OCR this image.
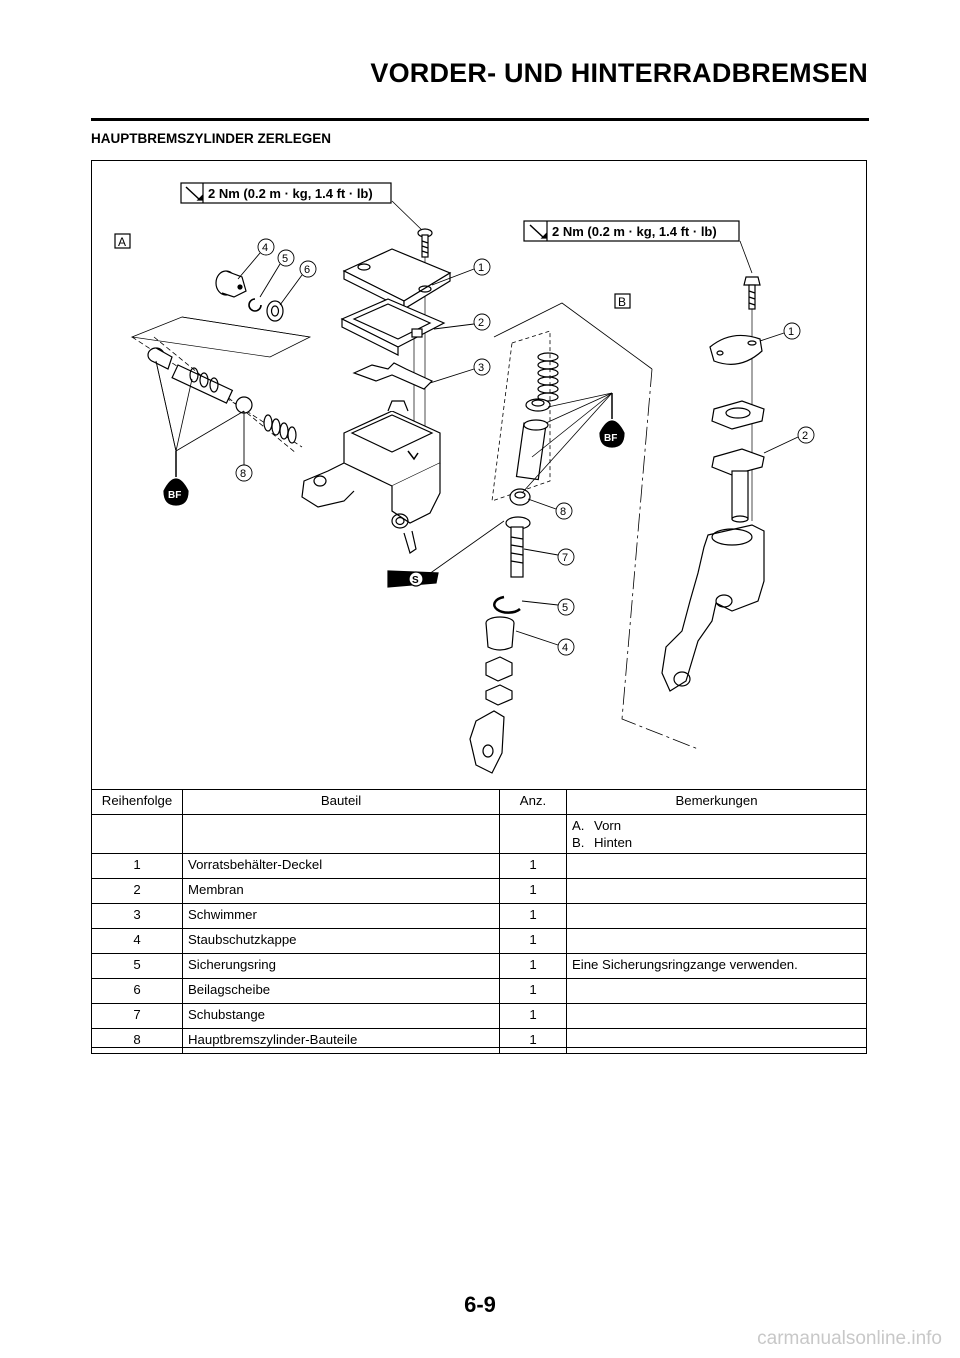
VORDER- UND HINTERRADBREMSEN
HAUPTBREMSZYLINDER ZERLEGEN
2 Nm (0.2 m · kg, 1.4 ft · lb)
2 Nm (0.2 m · kg, 1.4 ft · lb)
A
B
BF
BF
S
4
5
6	1
2
3
8
1
2
8
7
5
4
Reihenfolge	Bauteil	Anz.	Bemerkungen

			A. Vorn
B. Hinten

1	Vorratsbehälter-Deckel	1	
2	Membran	1	
3	Schwimmer	1	
4	Staubschutzkappe	1	
5	Sicherungsring	1	Eine Sicherungsringzange verwenden.
6	Beilagscheibe	1	
7	Schubstange	1	
8	Hauptbremszylinder-Bauteile	1	
6-9
carmanualsonline.info
